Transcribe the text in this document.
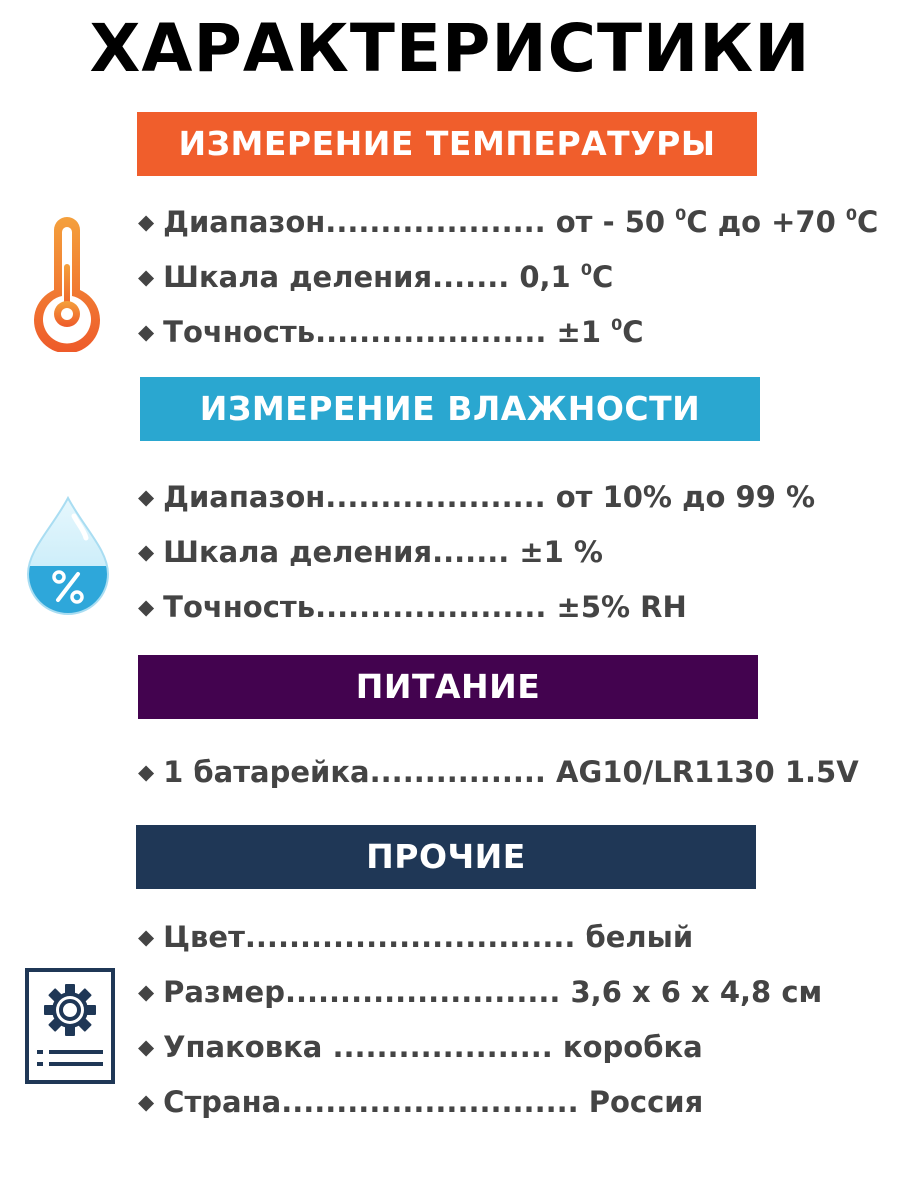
ХАРАКТЕРИСТИКИ
ИЗМЕРЕНИЕ ТЕМПЕРАТУРЫ
◆ Диапазон.................... от - 50 $^0$С до +70 $^0$С
◆ Шкала деления....... 0,1 $^0$С
◆ Точность..................... ±1 $^0$С
ИЗМЕРЕНИЕ ВЛАЖНОСТИ
◆ Диапазон.................... от 10% до 99 %
◆ Шкала деления....... ±1 %
◆ Точность..................... ±5% RH
ПИТАНИЕ
◆ 1 батарейка................ AG10/LR1130 1.5V
ПРОЧИЕ
◆ Цвет.............................. белый
◆ Размер......................... 3,6 х 6 х 4,8 см
◆ Упаковка .................... коробка
◆ Страна........................... Россия
